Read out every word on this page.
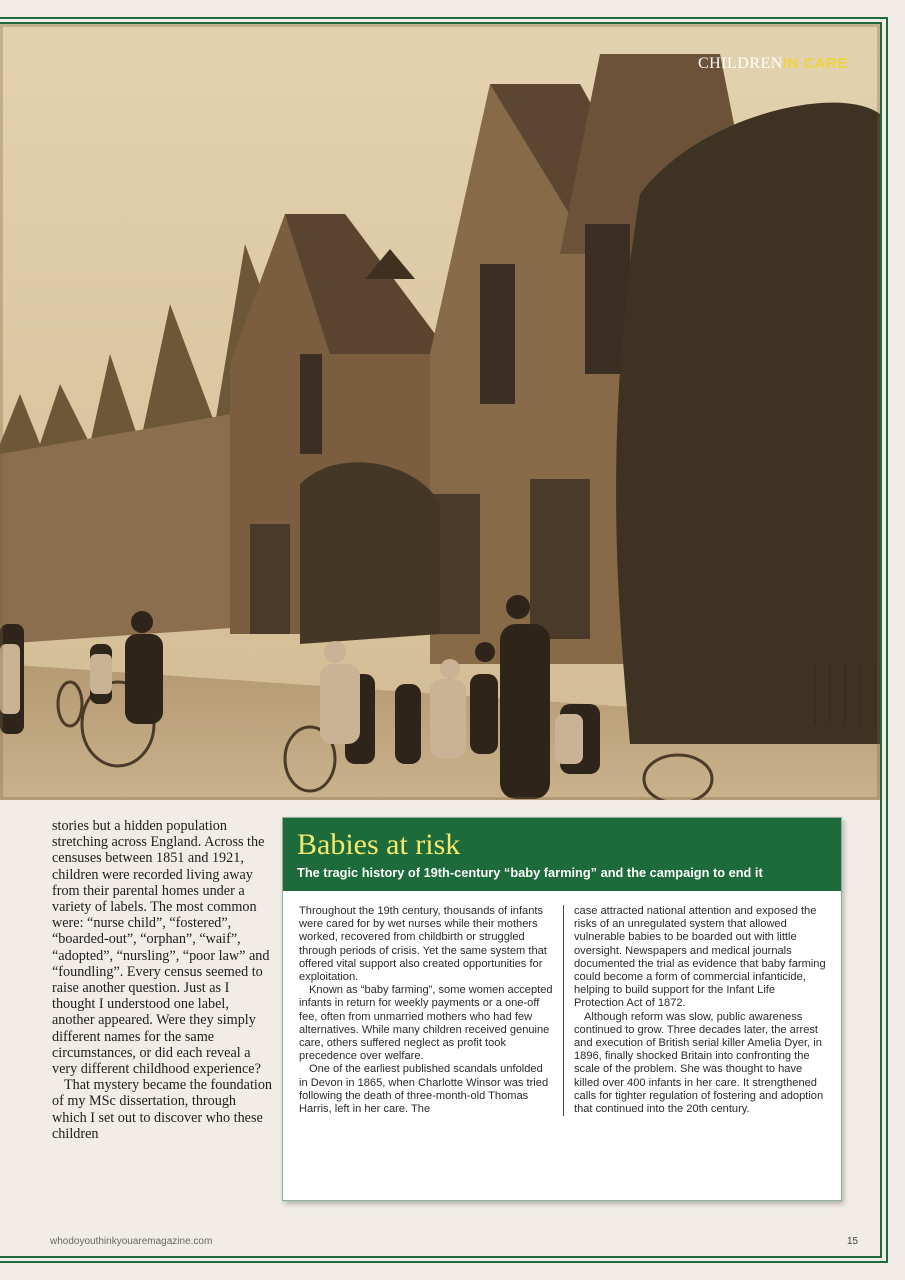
CHILDRENIN CARE

stories but a hidden population stretching across England. Across the censuses between 1851 and 1921, children were recorded living away from their parental homes under a variety of labels. The most common were: “nurse child”, “fostered”, “boarded-out”, “orphan”, “waif”, “adopted”, “nursling”, “poor law” and “foundling”. Every census seemed to raise another question. Just as I thought I understood one label, another appeared. Were they simply different names for the same circumstances, or did each reveal a very different childhood experience?

That mystery became the foundation of my MSc dissertation, through which I set out to discover who these children

Babies at risk
The tragic history of 19th-century “baby farming” and the campaign to end it

Throughout the 19th century, thousands of infants were cared for by wet nurses while their mothers worked, recovered from childbirth or struggled through periods of crisis. Yet the same system that offered vital support also created opportunities for exploitation.

Known as “baby farming”, some women accepted infants in return for weekly payments or a one-off fee, often from unmarried mothers who had few alternatives. While many children received genuine care, others suffered neglect as profit took precedence over welfare.

One of the earliest published scandals unfolded in Devon in 1865, when Charlotte Winsor was tried following the death of three-month-old Thomas Harris, left in her care. The

case attracted national attention and exposed the risks of an unregulated system that allowed vulnerable babies to be boarded out with little oversight. Newspapers and medical journals documented the trial as evidence that baby farming could become a form of commercial infanticide, helping to build support for the Infant Life Protection Act of 1872.

Although reform was slow, public awareness continued to grow. Three decades later, the arrest and execution of British serial killer Amelia Dyer, in 1896, finally shocked Britain into confronting the scale of the problem. She was thought to have killed over 400 infants in her care. It strengthened calls for tighter regulation of fostering and adoption that continued into the 20th century.

whodoyouthinkyouaremagazine.com	15
